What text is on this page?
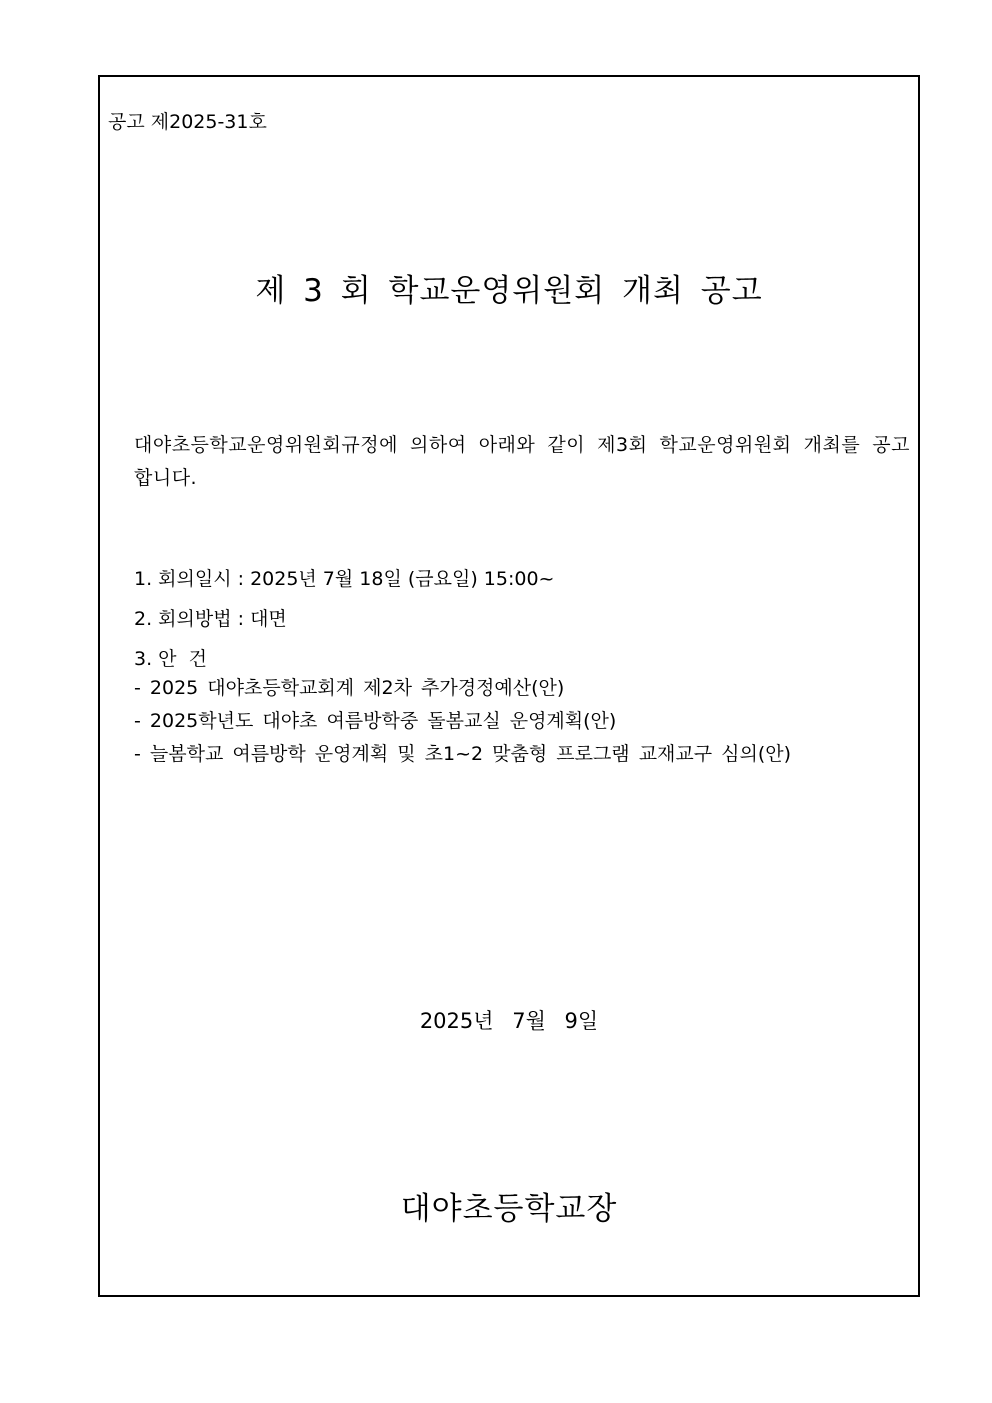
공고 제2025-31호
제 3 회 학교운영위원회 개최 공고
대야초등학교운영위원회규정에 의하여 아래와 같이 제3회 학교운영위원회 개최를 공고합니다.
1. 회의일시 : 2025년 7월 18일 (금요일) 15:00~
2. 회의방법 : 대면
3. 안  건
- 2025 대야초등학교회계 제2차 추가경정예산(안)
- 2025학년도 대야초 여름방학중 돌봄교실 운영계획(안)
- 늘봄학교 여름방학 운영계획 및 초1~2 맞춤형 프로그램 교재교구 심의(안)
2025년 7월 9일
대야초등학교장
